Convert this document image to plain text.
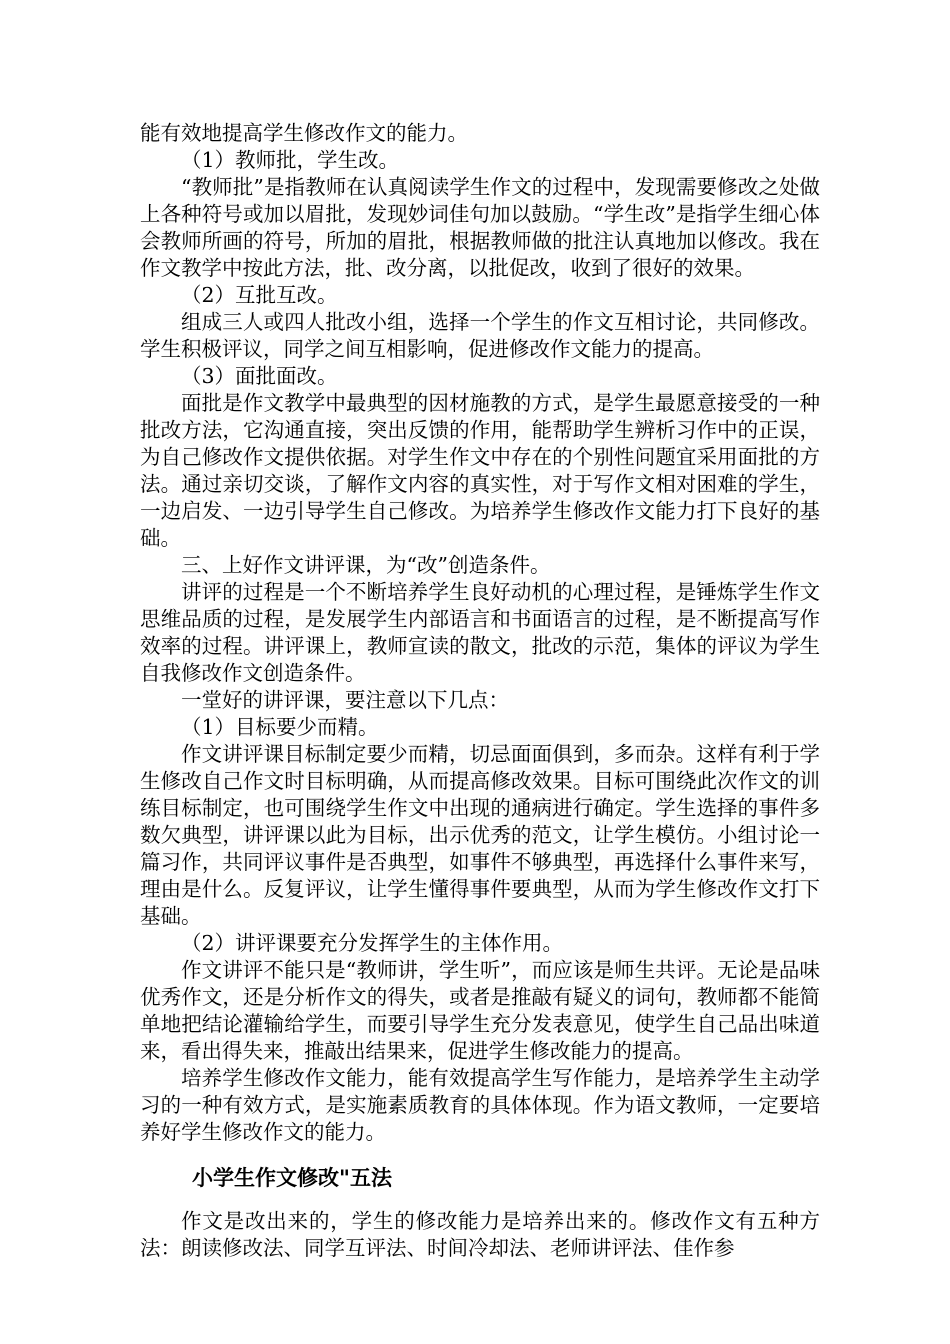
能有效地提高学生修改作文的能力。

（1）教师批，学生改。

“教师批”是指教师在认真阅读学生作文的过程中，发现需要修改之处做上各种符号或加以眉批，发现妙词佳句加以鼓励。“学生改”是指学生细心体会教师所画的符号，所加的眉批，根据教师做的批注认真地加以修改。我在作文教学中按此方法，批、改分离，以批促改，收到了很好的效果。

（2）互批互改。

组成三人或四人批改小组，选择一个学生的作文互相讨论，共同修改。学生积极评议，同学之间互相影响，促进修改作文能力的提高。

（3）面批面改。

面批是作文教学中最典型的因材施教的方式，是学生最愿意接受的一种批改方法，它沟通直接，突出反馈的作用，能帮助学生辨析习作中的正误，为自己修改作文提供依据。对学生作文中存在的个别性问题宜采用面批的方法。通过亲切交谈，了解作文内容的真实性，对于写作文相对困难的学生，一边启发、一边引导学生自己修改。为培养学生修改作文能力打下良好的基础。

三、上好作文讲评课，为“改”创造条件。

讲评的过程是一个不断培养学生良好动机的心理过程，是锤炼学生作文思维品质的过程，是发展学生内部语言和书面语言的过程，是不断提高写作效率的过程。讲评课上，教师宣读的散文，批改的示范，集体的评议为学生自我修改作文创造条件。

一堂好的讲评课，要注意以下几点：

（1）目标要少而精。

作文讲评课目标制定要少而精，切忌面面俱到，多而杂。这样有利于学生修改自己作文时目标明确，从而提高修改效果。目标可围绕此次作文的训练目标制定，也可围绕学生作文中出现的通病进行确定。学生选择的事件多数欠典型，讲评课以此为目标，出示优秀的范文，让学生模仿。小组讨论一篇习作，共同评议事件是否典型，如事件不够典型，再选择什么事件来写，理由是什么。反复评议，让学生懂得事件要典型，从而为学生修改作文打下基础。

（2）讲评课要充分发挥学生的主体作用。

作文讲评不能只是“教师讲，学生听”，而应该是师生共评。无论是品味优秀作文，还是分析作文的得失，或者是推敲有疑义的词句，教师都不能简单地把结论灌输给学生，而要引导学生充分发表意见，使学生自己品出味道来，看出得失来，推敲出结果来，促进学生修改能力的提高。

培养学生修改作文能力，能有效提高学生写作能力，是培养学生主动学习的一种有效方式，是实施素质教育的具体体现。作为语文教师，一定要培养好学生修改作文的能力。

小学生作文修改"五法

作文是改出来的，学生的修改能力是培养出来的。修改作文有五种方法：朗读修改法、同学互评法、时间冷却法、老师讲评法、佳作参
